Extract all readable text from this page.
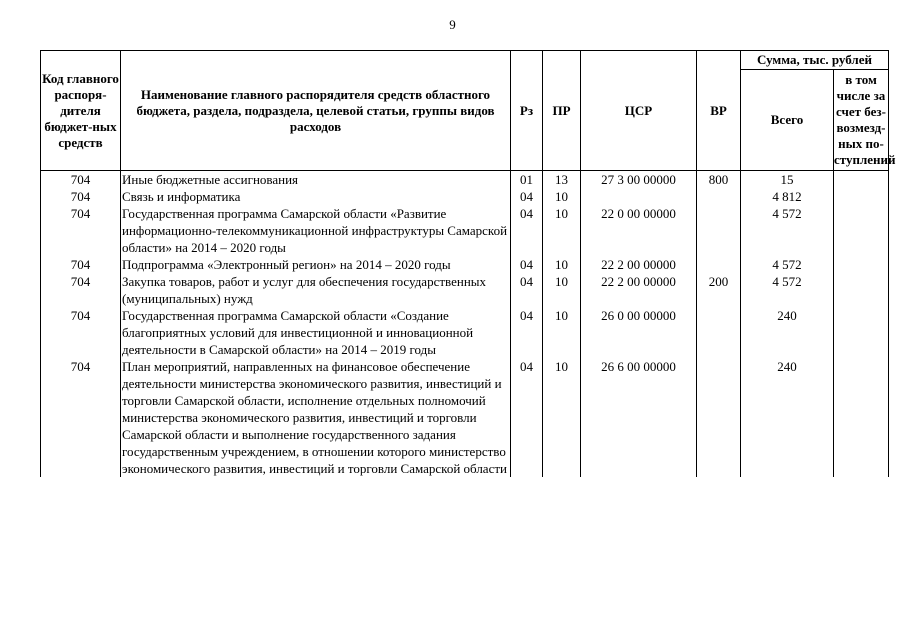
9
Код главного распоря-дителя бюджет-ных средств	Наименование главного распорядителя средств областного бюджета, раздела, подраздела, целевой статьи, группы видов расходов	Рз	ПР	ЦСР	ВР	Сумма, тыс. рублей	
						Всего	в том числе за счет без-возмезд-ных по-ступлений
704	Иные бюджетные ассигнования	01	13	27 3 00 00000	800	15	
704	Связь и информатика	04	10			4 812	
704	Государственная программа Самарской области «Развитие информационно-телекоммуникационной инфраструктуры Самарской области» на 2014 – 2020 годы	04	10	22 0 00 00000		4 572	
704	Подпрограмма «Электронный регион» на 2014 – 2020 годы	04	10	22 2 00 00000		4 572	
704	Закупка товаров, работ и услуг для обеспечения государственных (муниципальных) нужд	04	10	22 2 00 00000	200	4 572	
704	Государственная программа Самарской области «Создание благоприятных условий для инвестиционной и инновационной деятельности в Самарской области» на 2014 – 2019 годы	04	10	26 0 00 00000		240	
704	План мероприятий, направленных на финансовое обеспечение деятельности министерства экономического развития, инвестиций и торговли Самарской области, исполнение отдельных полномочий министерства экономического развития, инвестиций и торговли Самарской области и выполнение государственного задания государственным учреждением, в отношении которого министерство экономического развития, инвестиций и торговли Самарской области	04	10	26 6 00 00000		240	
